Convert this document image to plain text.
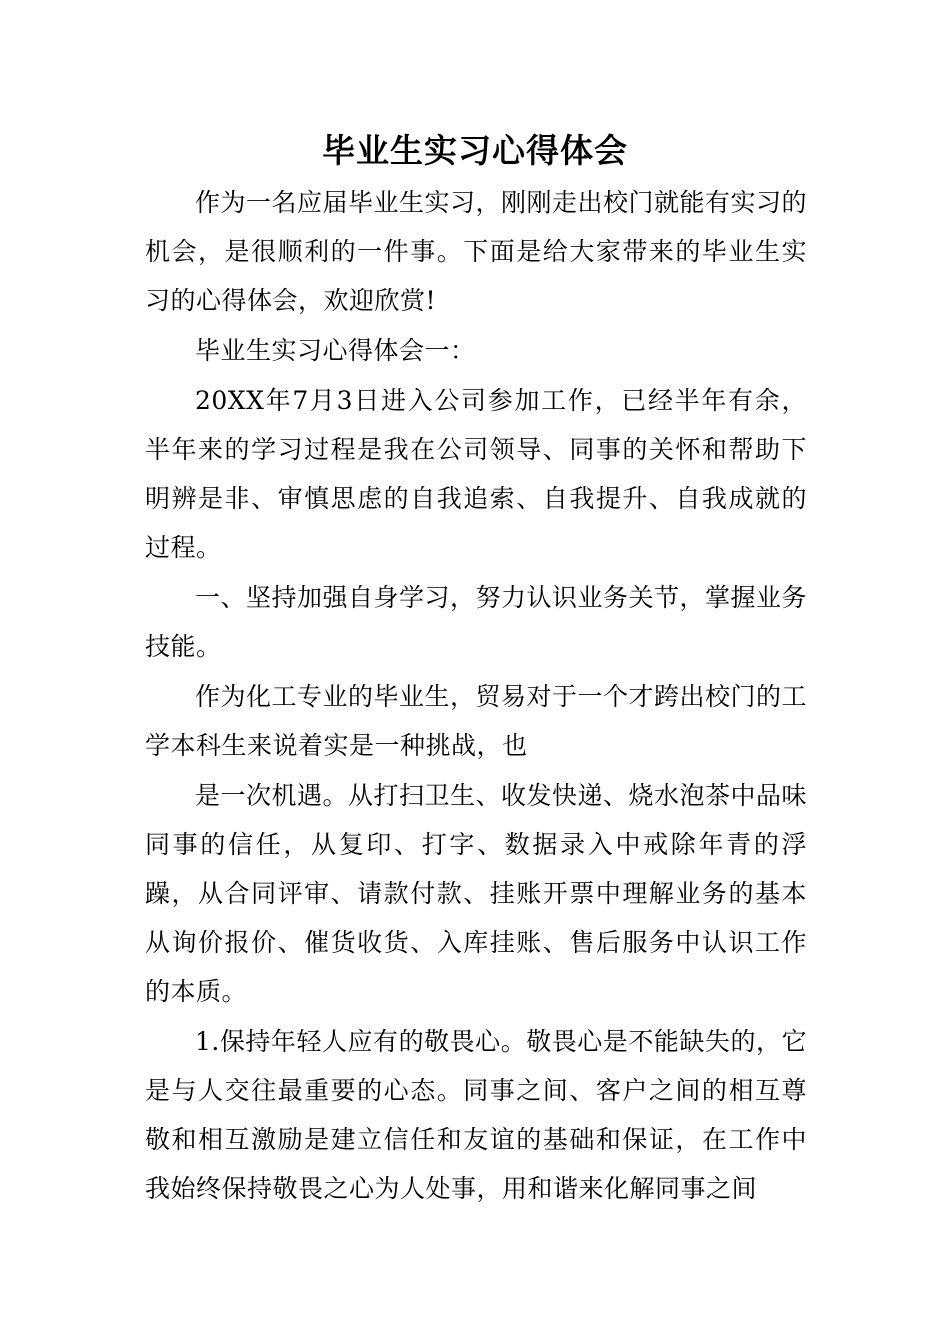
毕业生实习心得体会

作为一名应届毕业生实习，刚刚走出校门就能有实习的机会，是很顺利的一件事。下面是给大家带来的毕业生实习的心得体会，欢迎欣赏!

毕业生实习心得体会一：

20XX年7月3日进入公司参加工作，已经半年有余，半年来的学习过程是我在公司领导、同事的关怀和帮助下明辨是非、审慎思虑的自我追索、自我提升、自我成就的过程。

一、坚持加强自身学习，努力认识业务关节，掌握业务技能。

作为化工专业的毕业生，贸易对于一个才跨出校门的工学本科生来说着实是一种挑战，也

是一次机遇。从打扫卫生、收发快递、烧水泡茶中品味同事的信任，从复印、打字、数据录入中戒除年青的浮躁，从合同评审、请款付款、挂账开票中理解业务的基本从询价报价、催货收货、入库挂账、售后服务中认识工作的本质。

1.保持年轻人应有的敬畏心。敬畏心是不能缺失的，它是与人交往最重要的心态。同事之间、客户之间的相互尊敬和相互激励是建立信任和友谊的基础和保证，在工作中我始终保持敬畏之心为人处事，用和谐来化解同事之间
